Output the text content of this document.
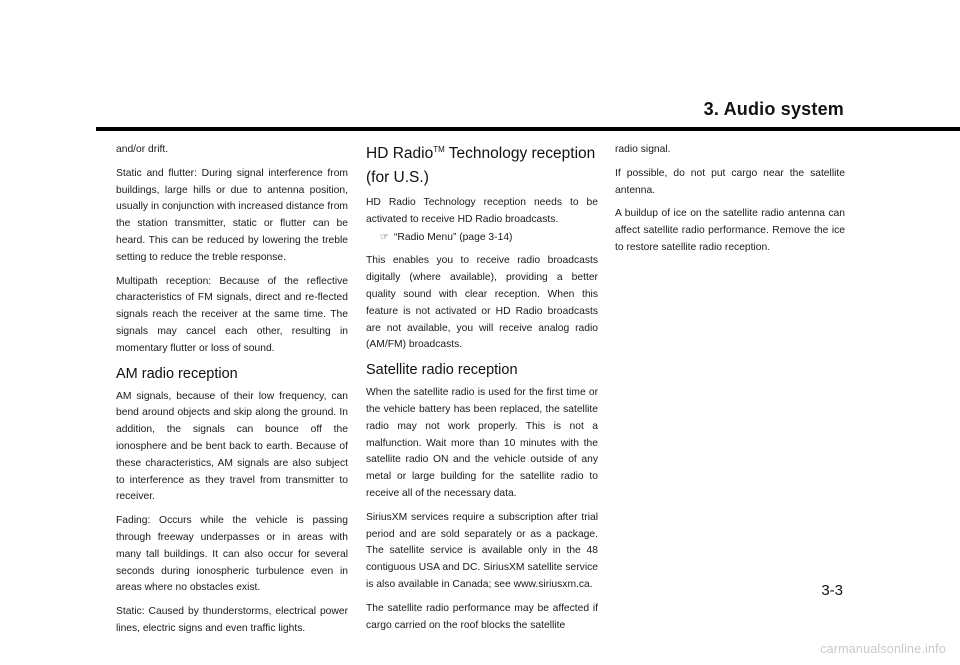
3. Audio system

and/or drift.

Static and flutter: During signal interference from buildings, large hills or due to antenna position, usually in conjunction with increased distance from the station transmitter, static or flutter can be heard. This can be reduced by lowering the treble setting to reduce the treble response.

Multipath reception: Because of the reflective characteristics of FM signals, direct and re-flected signals reach the receiver at the same time. The signals may cancel each other, resulting in momentary flutter or loss of sound.

AM radio reception

AM signals, because of their low frequency, can bend around objects and skip along the ground. In addition, the signals can bounce off the ionosphere and be bent back to earth. Because of these characteristics, AM signals are also subject to interference as they travel from transmitter to receiver.

Fading: Occurs while the vehicle is passing through freeway underpasses or in areas with many tall buildings. It can also occur for several seconds during ionospheric turbulence even in areas where no obstacles exist.

Static: Caused by thunderstorms, electrical power lines, electric signs and even traffic lights.

HD Radio™ Technology reception (for U.S.)

HD Radio Technology reception needs to be activated to receive HD Radio broadcasts.

☞ “Radio Menu” (page 3-14)

This enables you to receive radio broadcasts digitally (where available), providing a better quality sound with clear reception. When this feature is not activated or HD Radio broadcasts are not available, you will receive analog radio (AM/FM) broadcasts.

Satellite radio reception

When the satellite radio is used for the first time or the vehicle battery has been replaced, the satellite radio may not work properly. This is not a malfunction. Wait more than 10 minutes with the satellite radio ON and the vehicle outside of any metal or large building for the satellite radio to receive all of the necessary data.

SiriusXM services require a subscription after trial period and are sold separately or as a package. The satellite service is available only in the 48 contiguous USA and DC. SiriusXM satellite service is also available in Canada; see www.siriusxm.ca.

The satellite radio performance may be affected if cargo carried on the roof blocks the satellite

radio signal.

If possible, do not put cargo near the satellite antenna.

A buildup of ice on the satellite radio antenna can affect satellite radio performance. Remove the ice to restore satellite radio reception.

3-3
carmanualsonline.info
